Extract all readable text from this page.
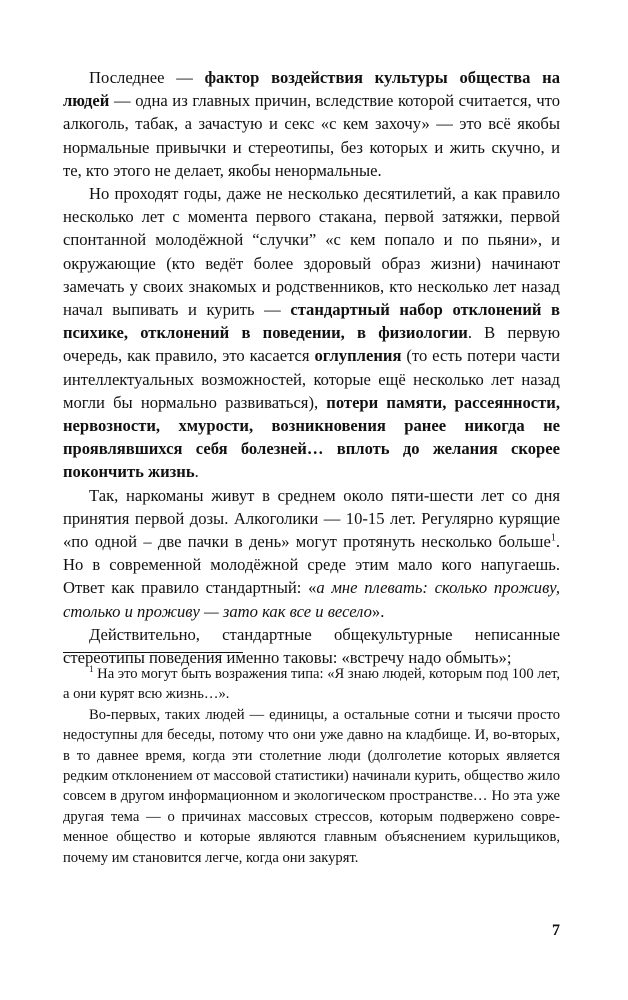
Последнее — фактор воздействия культуры общества на людей — одна из главных причин, вследствие которой считается, что алкоголь, табак, а зачастую и секс «с кем захочу» — это всё якобы нормальные привычки и стереотипы, без которых и жить скучно, и те, кто этого не делает, якобы ненормальные.

Но проходят годы, даже не несколько десятилетий, а как правило несколько лет с момента первого стакана, первой затяжки, первой спонтанной молодёжной “случки” «с кем попало и по пьяни», и окружающие (кто ведёт более здоровый образ жизни) начинают замечать у своих знакомых и родственников, кто несколько лет назад начал выпивать и курить — стандартный набор отклонений в психике, отклонений в поведении, в физиологии. В первую очередь, как правило, это касается оглупления (то есть потери части интеллектуальных возможностей, которые ещё несколько лет назад могли бы нормально развиваться), потери памяти, рассеянности, нервозности, хмурости, возникновения ранее никогда не проявлявшихся себя болезней… вплоть до желания скорее покончить жизнь.

Так, наркоманы живут в среднем около пяти-шести лет со дня принятия первой дозы. Алкоголики — 10-15 лет. Регулярно курящие «по одной – две пачки в день» могут протянуть несколько больше$^1$. Но в современной молодёжной среде этим мало кого напугаешь. Ответ как правило стандартный: «а мне плевать: сколько проживу, столько и проживу — зато как все и весело».

Действительно, стандартные общекультурные неписанные стереотипы поведения именно таковы: «встречу надо обмыть»;

$^1$ На это могут быть возражения типа: «Я знаю людей, которым под 100 лет, а они курят всю жизнь…».

Во-первых, таких людей — единицы, а остальные сотни и тысячи просто недоступны для беседы, потому что они уже давно на кладбище. И, во-вторых, в то давнее время, когда эти столетние люди (долголетие которых является редким отклонением от массовой статистики) начинали курить, общество жило совсем в другом информационном и экологическом пространстве… Но эта уже другая тема — о причинах массовых стрессов, которым подвержено современное общество и которые являются главным объяснением курильщиков, почему им становится легче, когда они закурят.

7
